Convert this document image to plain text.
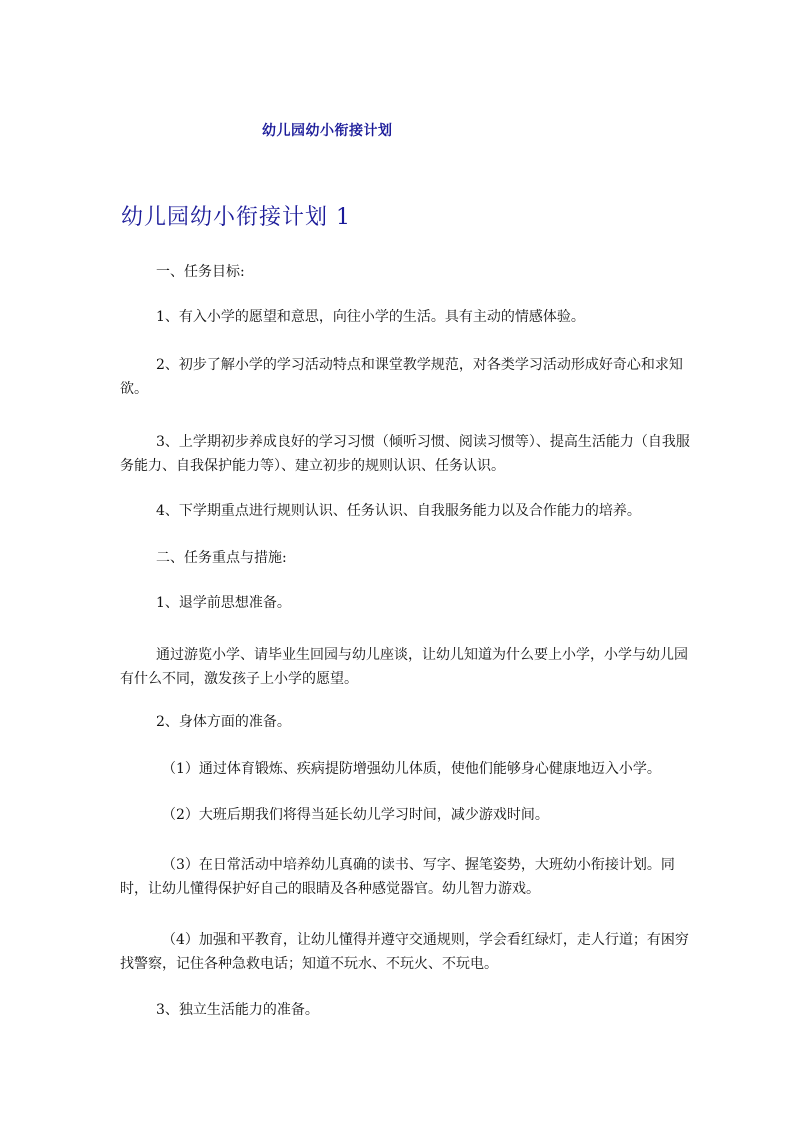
幼儿园幼小衔接计划
幼儿园幼小衔接计划 1
一、任务目标:
1、有入小学的愿望和意思，向往小学的生活。具有主动的情感体验。
2、初步了解小学的学习活动特点和课堂教学规范，对各类学习活动形成好奇心和求知欲。
3、上学期初步养成良好的学习习惯（倾听习惯、阅读习惯等）、提高生活能力（自我服务能力、自我保护能力等）、建立初步的规则认识、任务认识。
4、下学期重点进行规则认识、任务认识、自我服务能力以及合作能力的培养。
二、任务重点与措施:
1、退学前思想准备。
通过游览小学、请毕业生回园与幼儿座谈，让幼儿知道为什么要上小学，小学与幼儿园有什么不同，激发孩子上小学的愿望。
2、身体方面的准备。
（1）通过体育锻炼、疾病提防增强幼儿体质，使他们能够身心健康地迈入小学。
（2）大班后期我们将得当延长幼儿学习时间，减少游戏时间。
（3）在日常活动中培养幼儿真确的读书、写字、握笔姿势，大班幼小衔接计划。同时，让幼儿懂得保护好自己的眼睛及各种感觉器官。幼儿智力游戏。
（4）加强和平教育，让幼儿懂得并遵守交通规则，学会看红绿灯，走人行道；有困穷找警察，记住各种急救电话；知道不玩水、不玩火、不玩电。
3、独立生活能力的准备。
